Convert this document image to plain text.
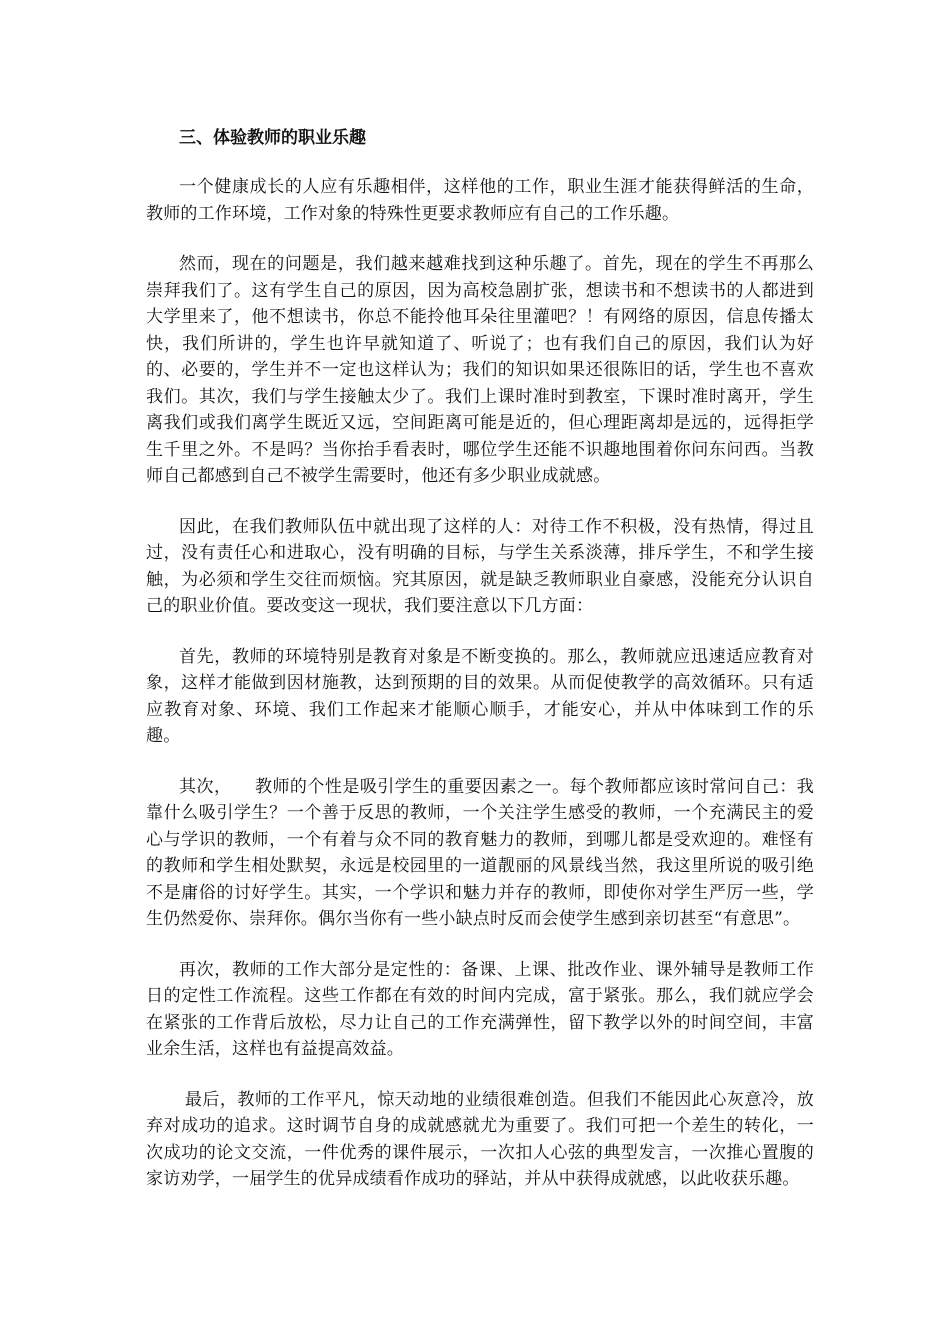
三、体验教师的职业乐趣

一个健康成长的人应有乐趣相伴，这样他的工作，职业生涯才能获得鲜活的生命，教师的工作环境，工作对象的特殊性更要求教师应有自己的工作乐趣。

然而，现在的问题是，我们越来越难找到这种乐趣了。首先，现在的学生不再那么崇拜我们了。这有学生自己的原因，因为高校急剧扩张，想读书和不想读书的人都进到大学里来了，他不想读书，你总不能拎他耳朵往里灌吧？！有网络的原因，信息传播太快，我们所讲的，学生也许早就知道了、听说了；也有我们自己的原因，我们认为好的、必要的，学生并不一定也这样认为；我们的知识如果还很陈旧的话，学生也不喜欢我们。其次，我们与学生接触太少了。我们上课时准时到教室，下课时准时离开，学生离我们或我们离学生既近又远，空间距离可能是近的，但心理距离却是远的，远得拒学生千里之外。不是吗？当你抬手看表时，哪位学生还能不识趣地围着你问东问西。当教师自己都感到自己不被学生需要时，他还有多少职业成就感。

因此，在我们教师队伍中就出现了这样的人：对待工作不积极，没有热情，得过且过，没有责任心和进取心，没有明确的目标，与学生关系淡薄，排斥学生，不和学生接触，为必须和学生交往而烦恼。究其原因，就是缺乏教师职业自豪感，没能充分认识自己的职业价值。要改变这一现状，我们要注意以下几方面：

首先，教师的环境特别是教育对象是不断变换的。那么，教师就应迅速适应教育对象，这样才能做到因材施教，达到预期的目的效果。从而促使教学的高效循环。只有适应教育对象、环境、我们工作起来才能顺心顺手，才能安心，并从中体味到工作的乐趣。

其次，    教师的个性是吸引学生的重要因素之一。每个教师都应该时常问自己：我靠什么吸引学生？一个善于反思的教师，一个关注学生感受的教师，一个充满民主的爱心与学识的教师，一个有着与众不同的教育魅力的教师，到哪儿都是受欢迎的。难怪有的教师和学生相处默契，永远是校园里的一道靓丽的风景线当然，我这里所说的吸引绝不是庸俗的讨好学生。其实，一个学识和魅力并存的教师，即使你对学生严厉一些，学生仍然爱你、崇拜你。偶尔当你有一些小缺点时反而会使学生感到亲切甚至“有意思”。

再次，教师的工作大部分是定性的：备课、上课、批改作业、课外辅导是教师工作日的定性工作流程。这些工作都在有效的时间内完成，富于紧张。那么，我们就应学会在紧张的工作背后放松，尽力让自己的工作充满弹性，留下教学以外的时间空间，丰富业余生活，这样也有益提高效益。

最后，教师的工作平凡，惊天动地的业绩很难创造。但我们不能因此心灰意冷，放弃对成功的追求。这时调节自身的成就感就尤为重要了。我们可把一个差生的转化，一次成功的论文交流，一件优秀的课件展示，一次扣人心弦的典型发言，一次推心置腹的家访劝学，一届学生的优异成绩看作成功的驿站，并从中获得成就感，以此收获乐趣。
